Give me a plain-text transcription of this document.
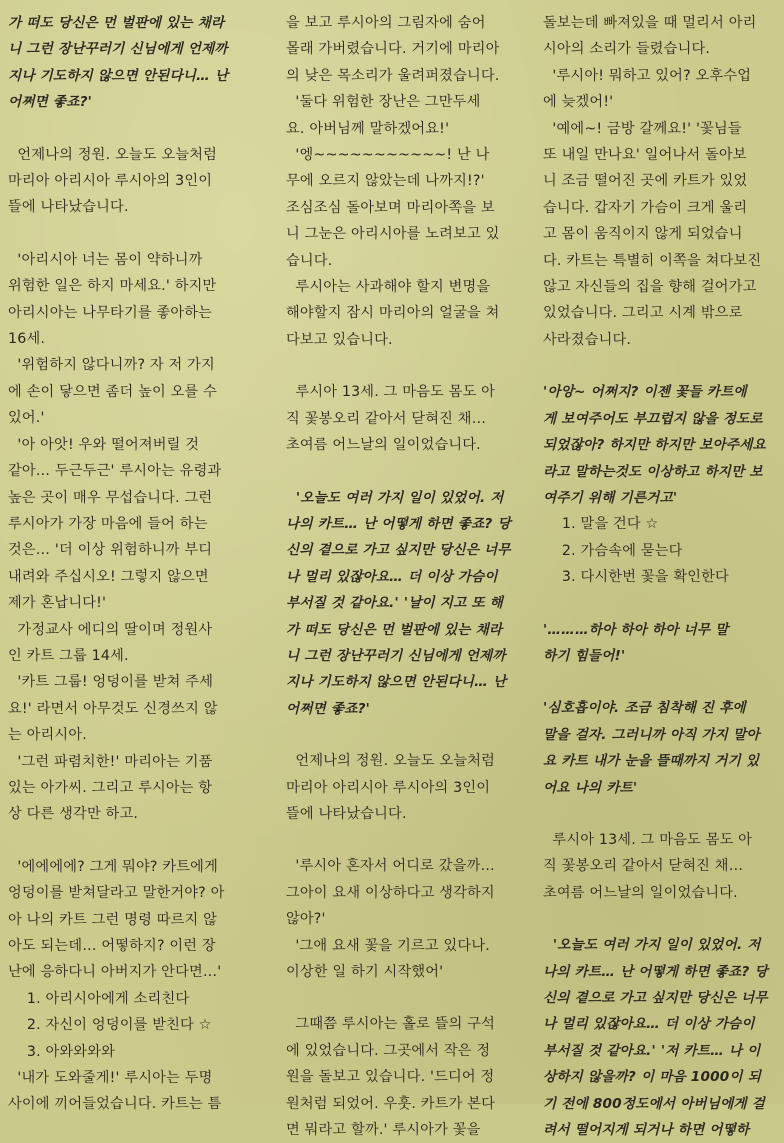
가 떠도 당신은 먼 벌판에 있는 채라
니 그런 장난꾸러기 신님에게 언제까
지나 기도하지 않으면 안된다니… 난
어쩌면 좋죠?'

언제나의 정원. 오늘도 오늘처럼
마리아 아리시아 루시아의 3인이
뜰에 나타났습니다.

'아리시아 너는 몸이 약하니까
위험한 일은 하지 마세요.' 하지만
아리시아는 나무타기를 좋아하는
16세.

'위험하지 않다니까? 자 저 가지
에 손이 닿으면 좀더 높이 오를 수
있어.'

'아 아앗! 우와 떨어져버릴 것
같아… 두근두근' 루시아는 유령과
높은 곳이 매우 무섭습니다. 그런
루시아가 가장 마음에 들어 하는
것은… '더 이상 위험하니까 부디
내려와 주십시오! 그렇지 않으면
제가 혼납니다!'

가정교사 에디의 딸이며 정원사
인 카트 그룹 14세.

'카트 그룹! 엉덩이를 받쳐 주세
요!' 라면서 아무것도 신경쓰지 않
는 아리시아.

'그런 파렴치한!' 마리아는 기품
있는 아가씨. 그리고 루시아는 항
상 다른 생각만 하고.

'에에에에? 그게 뭐야? 카트에게
엉덩이를 받쳐달라고 말한거야? 아
아 나의 카트 그런 명령 따르지 않
아도 되는데… 어떻하지? 이런 장
난에 응하다니 아버지가 안다면…'

1. 아리시아에게 소리친다
2. 자신이 엉덩이를 받친다 ☆
3. 아와와와와

'내가 도와줄게!' 루시아는 두명
사이에 끼어들었습니다. 카트는 틈

을 보고 루시아의 그림자에 숨어
몰래 가버렸습니다. 거기에 마리아
의 낮은 목소리가 울려퍼졌습니다.

'둘다 위험한 장난은 그만두세
요. 아버님께 말하겠어요!'

'엥~~~~~~~~~~~! 난 나
무에 오르지 않았는데 나까지!?'
조심조심 돌아보며 마리아쪽을 보
니 그눈은 아리시아를 노려보고 있
습니다.

루시아는 사과해야 할지 변명을
해야할지 잠시 마리아의 얼굴을 쳐
다보고 있습니다.

루시아 13세. 그 마음도 몸도 아
직 꽃봉오리 같아서 닫혀진 채…
초여름 어느날의 일이었습니다.

'오늘도 여러 가지 일이 있었어. 저
나의 카트… 난 어떻게 하면 좋죠? 당
신의 곁으로 가고 싶지만 당신은 너무
나 멀리 있잖아요… 더 이상 가슴이
부서질 것 같아요.' '날이 지고 또 해
가 떠도 당신은 먼 벌판에 있는 채라
니 그런 장난꾸러기 신님에게 언제까
지나 기도하지 않으면 안된다니… 난
어쩌면 좋죠?'

언제나의 정원. 오늘도 오늘처럼
마리아 아리시아 루시아의 3인이
뜰에 나타났습니다.

'루시아 혼자서 어디로 갔을까…
그아이 요새 이상하다고 생각하지
않아?'

'그애 요새 꽃을 기르고 있다나.
이상한 일 하기 시작했어'

그때쯤 루시아는 홀로 뜰의 구석
에 있었습니다. 그곳에서 작은 정
원을 돌보고 있습니다. '드디어 정
원처럼 되었어. 우훗. 카트가 본다
면 뭐라고 할까.' 루시아가 꽃을

돌보는데 빠져있을 때 멀리서 아리
시아의 소리가 들렸습니다.

'루시아! 뭐하고 있어? 오후수업
에 늦겠어!'

'예에~! 금방 갈께요!' '꽃님들
또 내일 만나요' 일어나서 돌아보
니 조금 떨어진 곳에 카트가 있었
습니다. 갑자기 가슴이 크게 울리
고 몸이 움직이지 않게 되었습니
다. 카트는 특별히 이쪽을 쳐다보진
않고 자신들의 집을 향해 걸어가고
있었습니다. 그리고 시계 밖으로
사라졌습니다.

'아앙~ 어쩌지? 이젠 꽃들 카트에
게 보여주어도 부끄럽지 않을 정도로
되었잖아? 하지만 하지만 보아주세요
라고 말하는것도 이상하고 하지만 보
여주기 위해 기른거고'

1. 말을 건다 ☆
2. 가슴속에 묻는다
3. 다시한번 꽃을 확인한다

'………하아 하아 하아 너무 말
하기 힘들어!'

'심호흡이야. 조금 침착해 진 후에
말을 걸자. 그러니까 아직 가지 말아
요 카트 내가 눈을 뜰때까지 거기 있
어요 나의 카트'

루시아 13세. 그 마음도 몸도 아
직 꽃봉오리 같아서 닫혀진 채…
초여름 어느날의 일이었습니다.

'오늘도 여러 가지 일이 있었어. 저
나의 카트… 난 어떻게 하면 좋죠? 당
신의 곁으로 가고 싶지만 당신은 너무
나 멀리 있잖아요… 더 이상 가슴이
부서질 것 같아요.' '저 카트… 나 이
상하지 않을까? 이 마음 1000이 되
기 전에 800정도에서 아버님에게 걸
려서 떨어지게 되거나 하면 어떻하
